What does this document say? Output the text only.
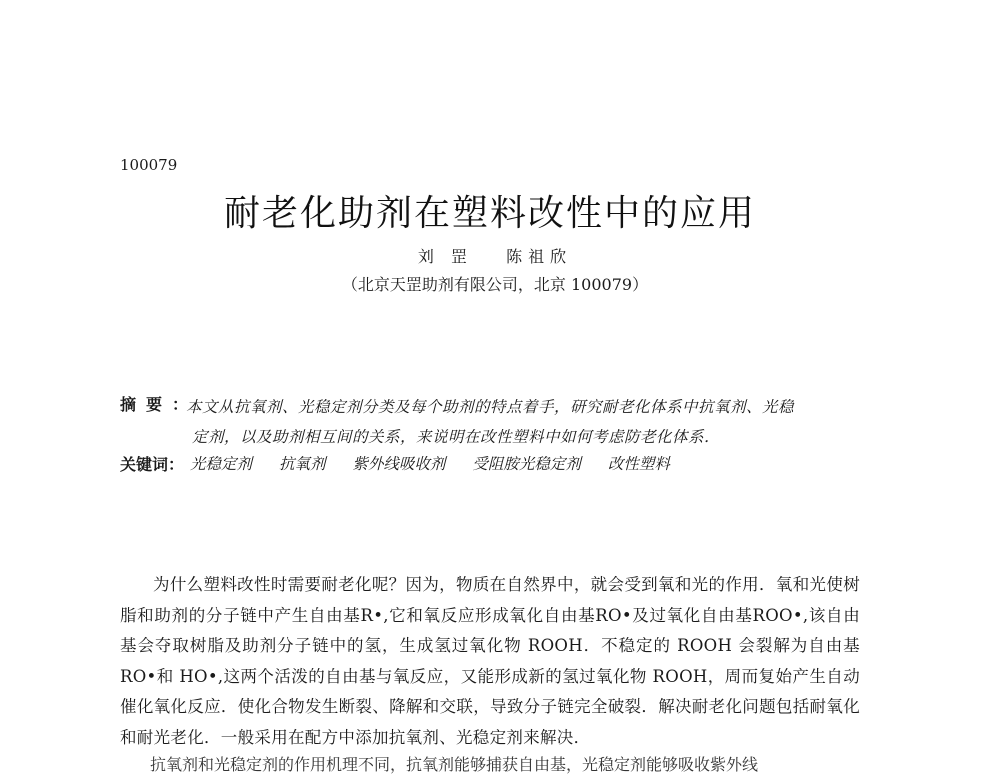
100079
耐老化助剂在塑料改性中的应用
刘 罡 陈祖欣
（北京天罡助剂有限公司，北京 100079）
摘要：
本文从抗氧剂、光稳定剂分类及每个助剂的特点着手，研究耐老化体系中抗氧剂、光稳
定剂，以及助剂相互间的关系，来说明在改性塑料中如何考虑防老化体系．
关键词： 光稳定剂 抗氧剂 紫外线吸收剂 受阻胺光稳定剂 改性塑料
为什么塑料改性时需要耐老化呢？因为，物质在自然界中，就会受到氧和光的作用．氧和光使树脂和助剂的分子链中产生自由基R•,它和氧反应形成氧化自由基RO•及过氧化自由基ROO•,该自由基会夺取树脂及助剂分子链中的氢，生成氢过氧化物 ROOH．不稳定的 ROOH 会裂解为自由基 RO•和 HO•,这两个活泼的自由基与氧反应，又能形成新的氢过氧化物 ROOH，周而复始产生自动催化氧化反应．使化合物发生断裂、降解和交联，导致分子链完全破裂．解决耐老化问题包括耐氧化和耐光老化．一般采用在配方中添加抗氧剂、光稳定剂来解决．
抗氧剂和光稳定剂的作用机理不同，抗氧剂能够捕获自由基，光稳定剂能够吸收紫外线
